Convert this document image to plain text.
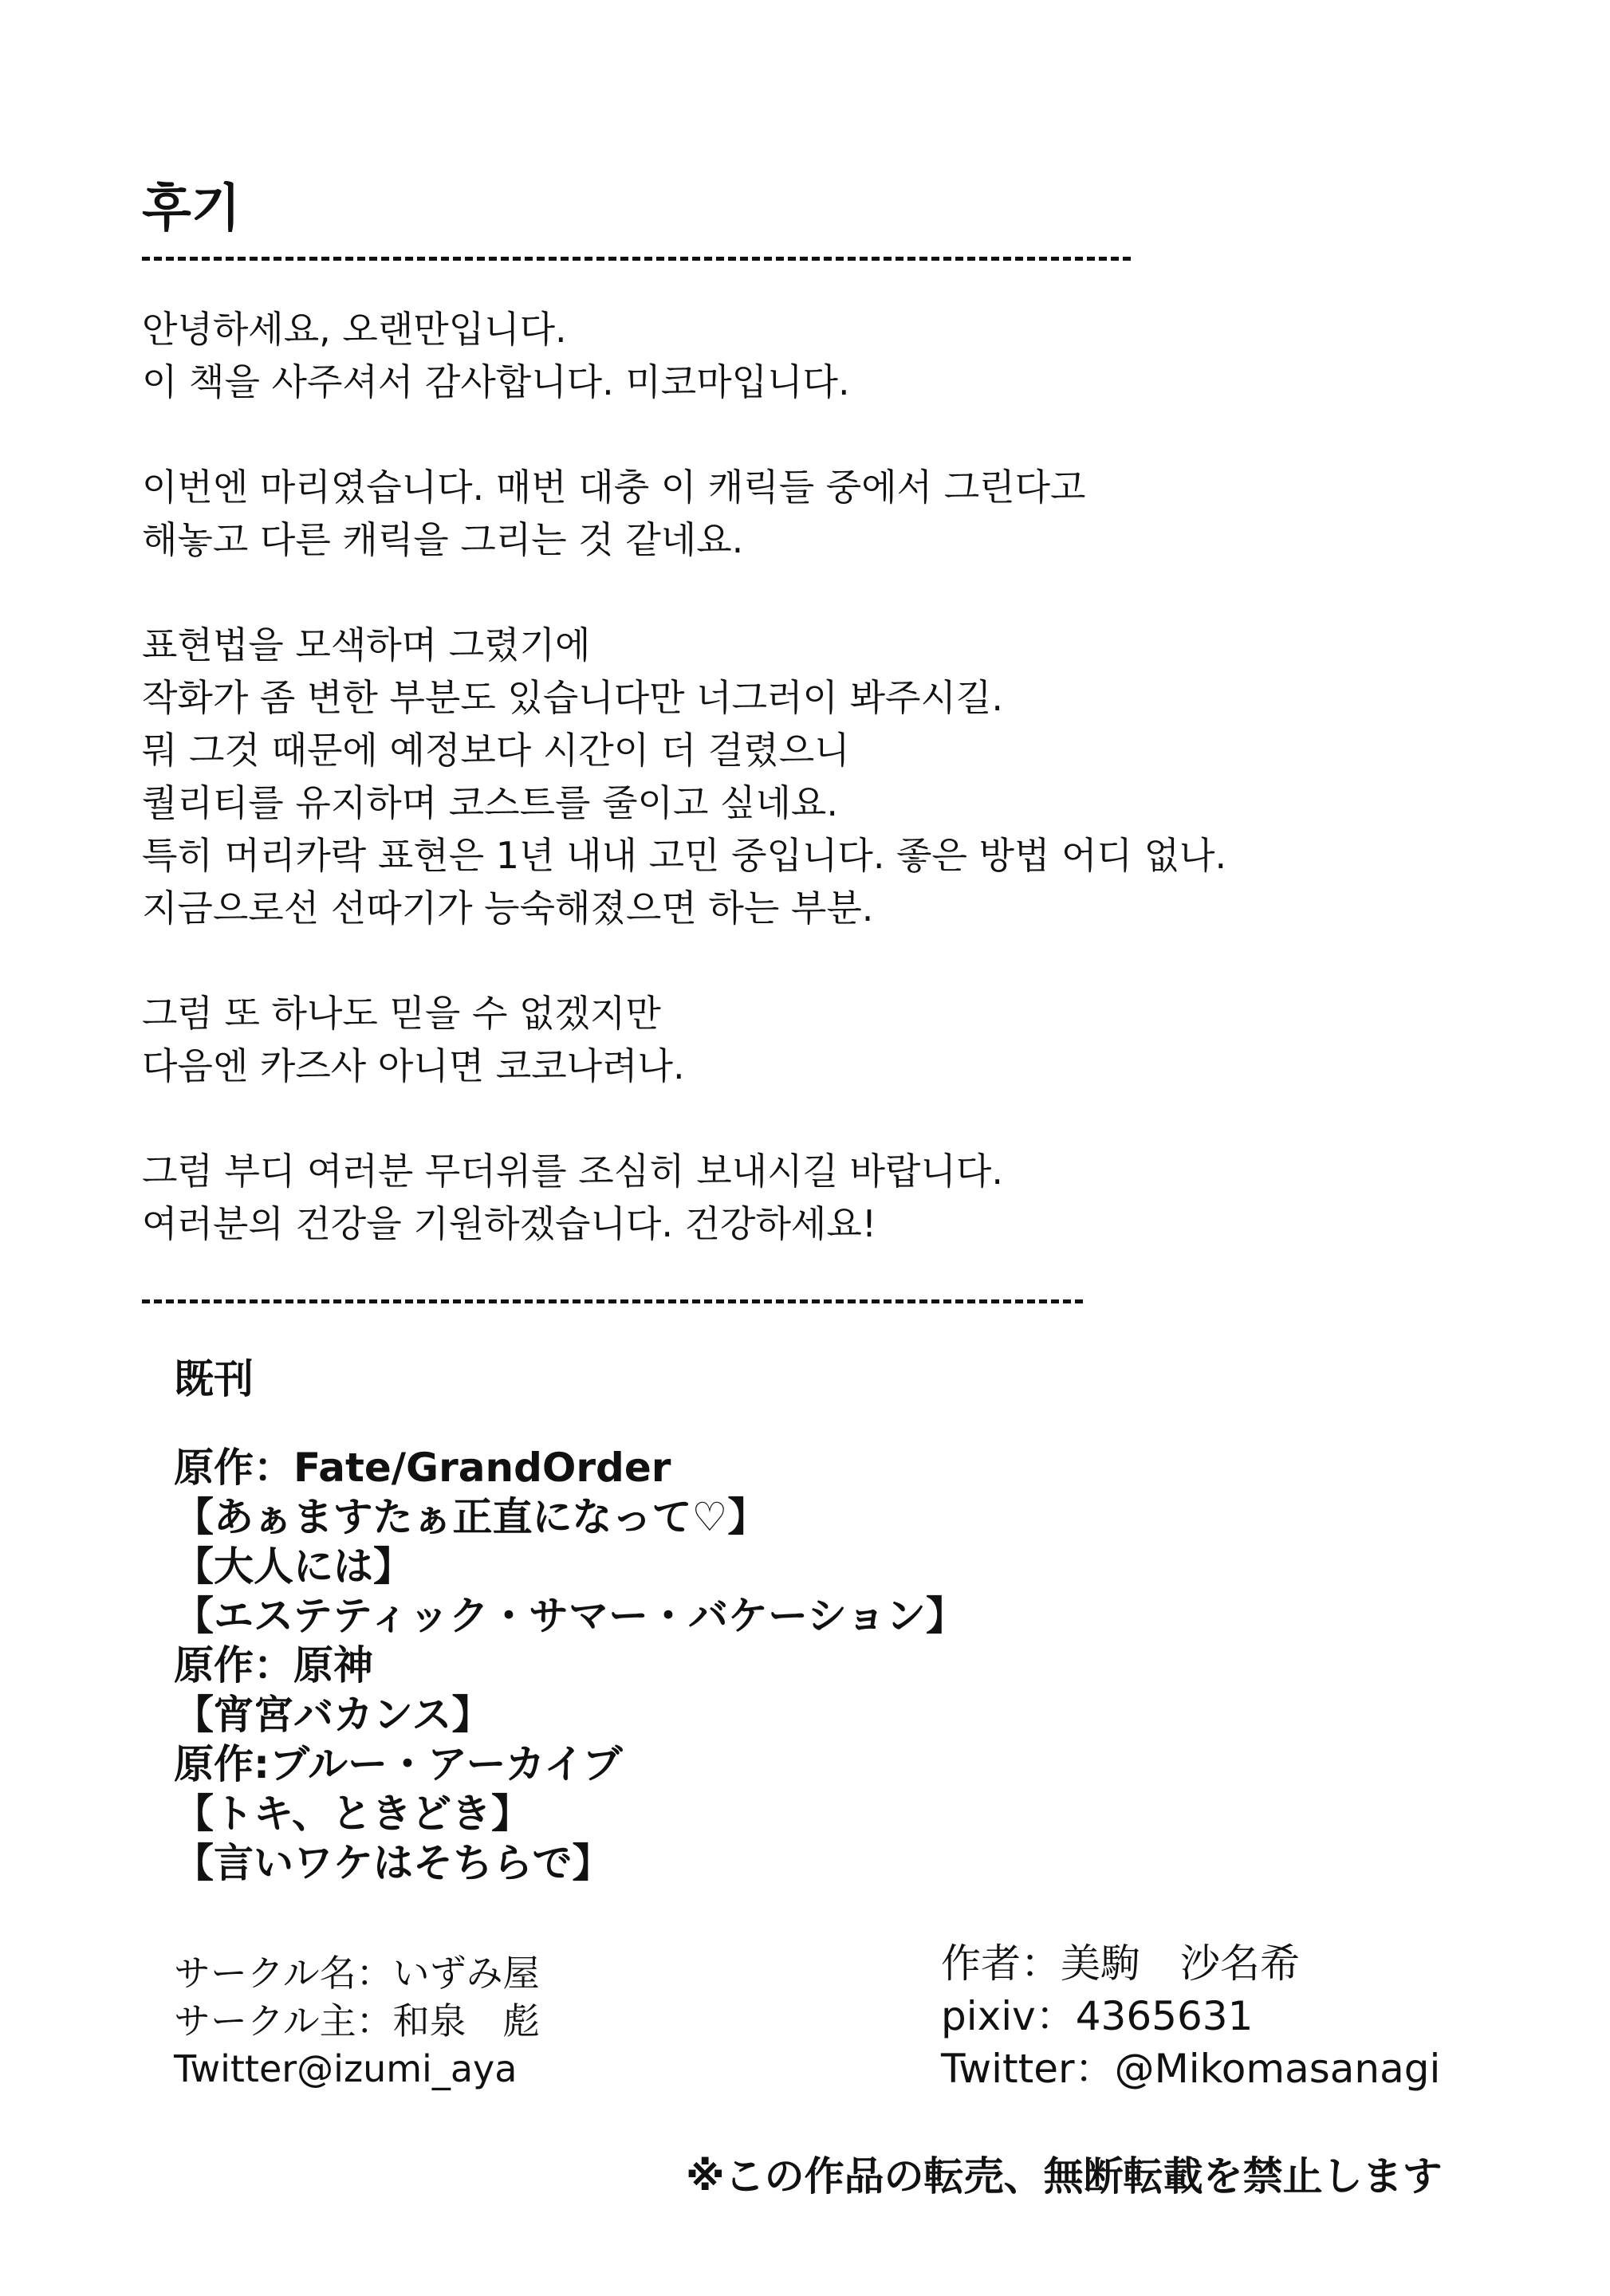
후기
안녕하세요, 오랜만입니다.
이 책을 사주셔서 감사합니다. 미코마입니다.
이번엔 마리였습니다. 매번 대충 이 캐릭들 중에서 그린다고
해놓고 다른 캐릭을 그리는 것 같네요.
표현법을 모색하며 그렸기에
작화가 좀 변한 부분도 있습니다만 너그러이 봐주시길.
뭐 그것 때문에 예정보다 시간이 더 걸렸으니
퀄리티를 유지하며 코스트를 줄이고 싶네요.
특히 머리카락 표현은 1년 내내 고민 중입니다. 좋은 방법 어디 없나.
지금으로선 선따기가 능숙해졌으면 하는 부분.
그럼 또 하나도 믿을 수 없겠지만
다음엔 카즈사 아니면 코코나려나.
그럼 부디 여러분 무더위를 조심히 보내시길 바랍니다.
여러분의 건강을 기원하겠습니다. 건강하세요!
既刊
原作：Fate/GrandOrder
【あぁますたぁ正直になって♡】
【大人には】
【エステティック・サマー・バケーション】
原作：原神
【宵宮バカンス】
原作:ブルー・アーカイブ
【トキ、ときどき】
【言いワケはそちらで】
サークル名：いずみ屋
サークル主：和泉　彪
Twitter@izumi_aya
作者：美駒　沙名希
pixiv：4365631
Twitter：@Mikomasanagi
※この作品の転売、無断転載を禁止します
